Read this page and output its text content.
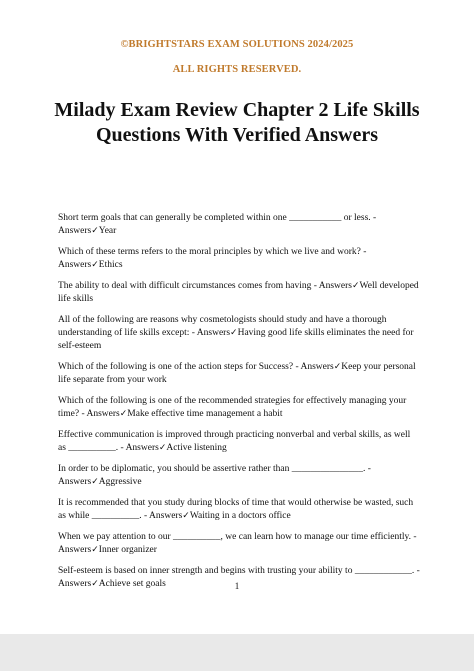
©BRIGHTSTARS EXAM SOLUTIONS 2024/2025
ALL RIGHTS RESERVED.
Milady Exam Review Chapter 2 Life Skills Questions With Verified Answers

Short term goals that can generally be completed within one ___________ or less. - Answers✓Year

Which of these terms refers to the moral principles by which we live and work? - Answers✓Ethics

The ability to deal with difficult circumstances comes from having - Answers✓Well developed life skills

All of the following are reasons why cosmetologists should study and have a thorough understanding of life skills except: - Answers✓Having good life skills eliminates the need for self-esteem

Which of the following is one of the action steps for Success? - Answers✓Keep your personal life separate from your work

Which of the following is one of the recommended strategies for effectively managing your time? - Answers✓Make effective time management a habit

Effective communication is improved through practicing nonverbal and verbal skills, as well as __________. - Answers✓Active listening

In order to be diplomatic, you should be assertive rather than _______________. - Answers✓Aggressive

It is recommended that you study during blocks of time that would otherwise be wasted, such as while __________. - Answers✓Waiting in a doctors office

When we pay attention to our __________, we can learn how to manage our time efficiently. - Answers✓Inner organizer

Self-esteem is based on inner strength and begins with trusting your ability to ____________. - Answers✓Achieve set goals	1
